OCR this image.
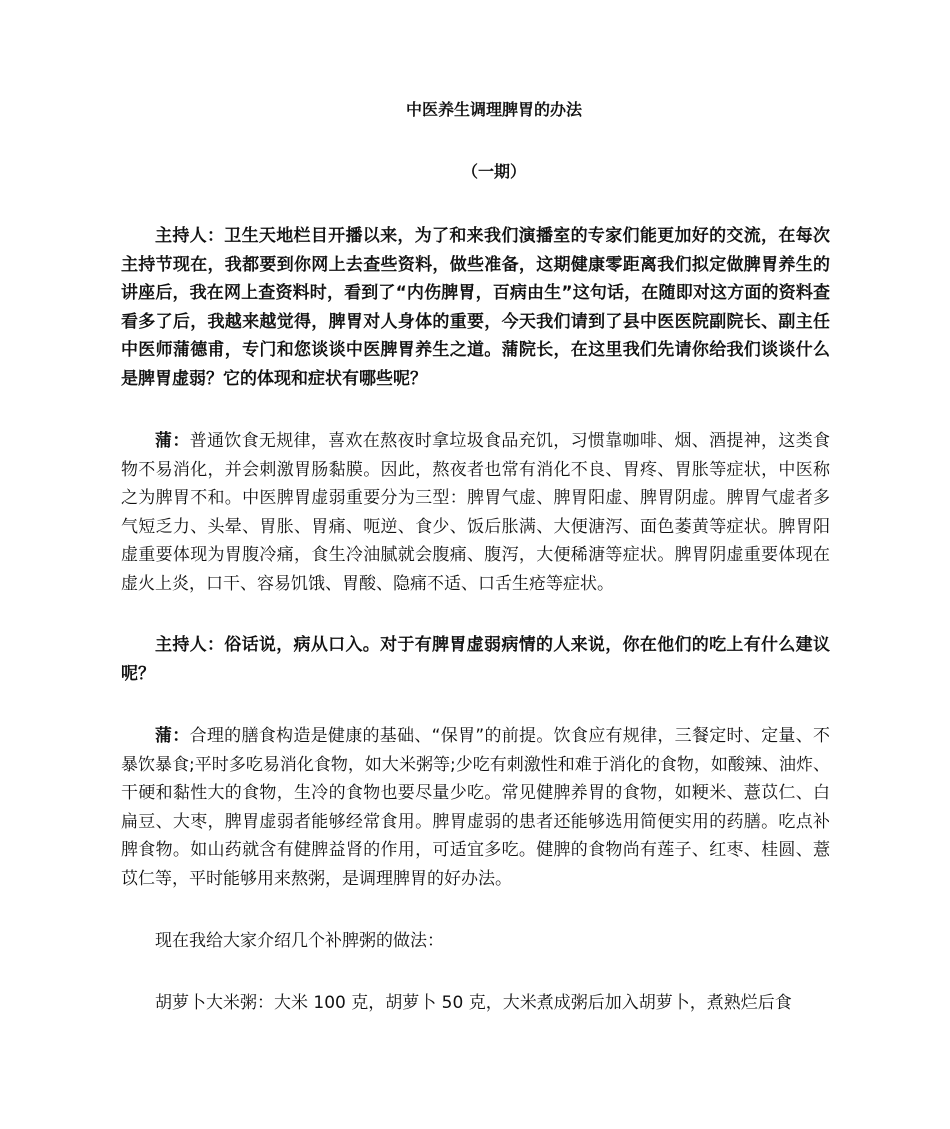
中医养生调理脾胃的办法
（一期）

主持人：卫生天地栏目开播以来，为了和来我们演播室的专家们能更加好的交流，在每次主持节现在，我都要到你网上去查些资料，做些准备，这期健康零距离我们拟定做脾胃养生的讲座后，我在网上查资料时，看到了“内伤脾胃，百病由生”这句话，在随即对这方面的资料查看多了后，我越来越觉得，脾胃对人身体的重要，今天我们请到了县中医医院副院长、副主任中医师蒲德甫，专门和您谈谈中医脾胃养生之道。蒲院长，在这里我们先请你给我们谈谈什么是脾胃虚弱？它的体现和症状有哪些呢？

蒲：普通饮食无规律，喜欢在熬夜时拿垃圾食品充饥，习惯靠咖啡、烟、酒提神，这类食物不易消化，并会刺激胃肠黏膜。因此，熬夜者也常有消化不良、胃疼、胃胀等症状，中医称之为脾胃不和。中医脾胃虚弱重要分为三型：脾胃气虚、脾胃阳虚、脾胃阴虚。脾胃气虚者多气短乏力、头晕、胃胀、胃痛、呃逆、食少、饭后胀满、大便溏泻、面色萎黄等症状。脾胃阳虚重要体现为胃腹冷痛，食生冷油腻就会腹痛、腹泻，大便稀溏等症状。脾胃阴虚重要体现在虚火上炎，口干、容易饥饿、胃酸、隐痛不适、口舌生疮等症状。

主持人：俗话说，病从口入。对于有脾胃虚弱病情的人来说，你在他们的吃上有什么建议呢？

蒲：合理的膳食构造是健康的基础、“保胃”的前提。饮食应有规律，三餐定时、定量、不暴饮暴食;平时多吃易消化食物，如大米粥等;少吃有刺激性和难于消化的食物，如酸辣、油炸、干硬和黏性大的食物，生冷的食物也要尽量少吃。常见健脾养胃的食物，如粳米、薏苡仁、白扁豆、大枣，脾胃虚弱者能够经常食用。脾胃虚弱的患者还能够选用简便实用的药膳。吃点补脾食物。如山药就含有健脾益肾的作用，可适宜多吃。健脾的食物尚有莲子、红枣、桂圆、薏苡仁等，平时能够用来熬粥，是调理脾胃的好办法。

现在我给大家介绍几个补脾粥的做法：

胡萝卜大米粥：大米 100 克，胡萝卜 50 克，大米煮成粥后加入胡萝卜，煮熟烂后食
